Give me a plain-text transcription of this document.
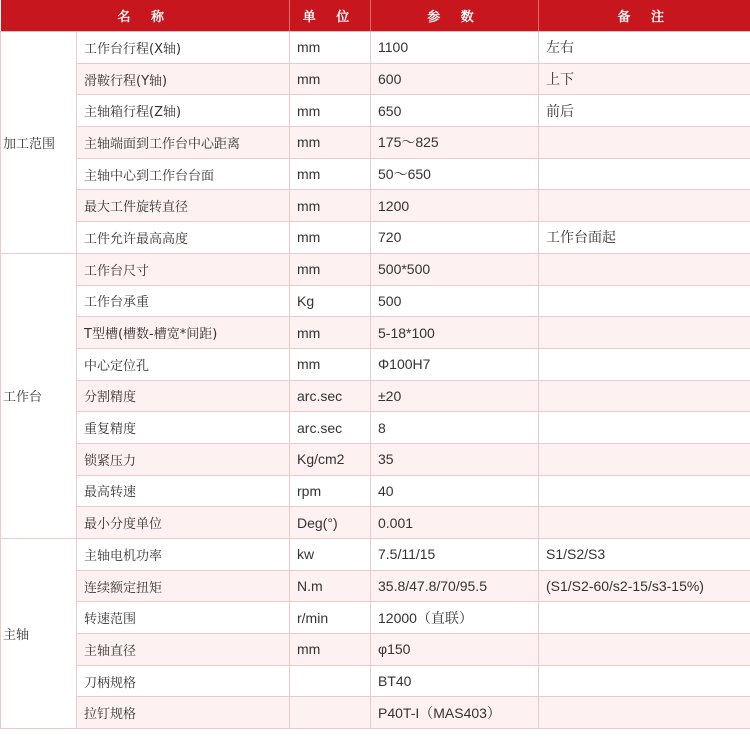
名 称		单 位	参 数	备 注
加工范围	工作台行程(X轴)	mm	1100	左右
	滑鞍行程(Y轴)	mm	600	上下
	主轴箱行程(Z轴)	mm	650	前后
	主轴端面到工作台中心距离	mm	175～825	
	主轴中心到工作台台面	mm	50～650	
	最大工件旋转直径	mm	1200	
	工件允许最高高度	mm	720	工作台面起
工作台	工作台尺寸	mm	500*500	
	工作台承重	Kg	500	
	T型槽(槽数-槽宽*间距)	mm	5-18*100	
	中心定位孔	mm	Φ100H7	
	分割精度	arc.sec	±20	
	重复精度	arc.sec	8	
	锁紧压力	Kg/cm2	35	
	最高转速	rpm	40	
	最小分度单位	Deg(°)	0.001	
主轴	主轴电机功率	kw	7.5/11/15	S1/S2/S3
	连续额定扭矩	N.m	35.8/47.8/70/95.5	(S1/S2-60/s2-15/s3-15%)
	转速范围	r/min	12000（直联）	
	主轴直径	mm	φ150	
	刀柄规格		BT40	
	拉钉规格		P40T-I（MAS403）	
